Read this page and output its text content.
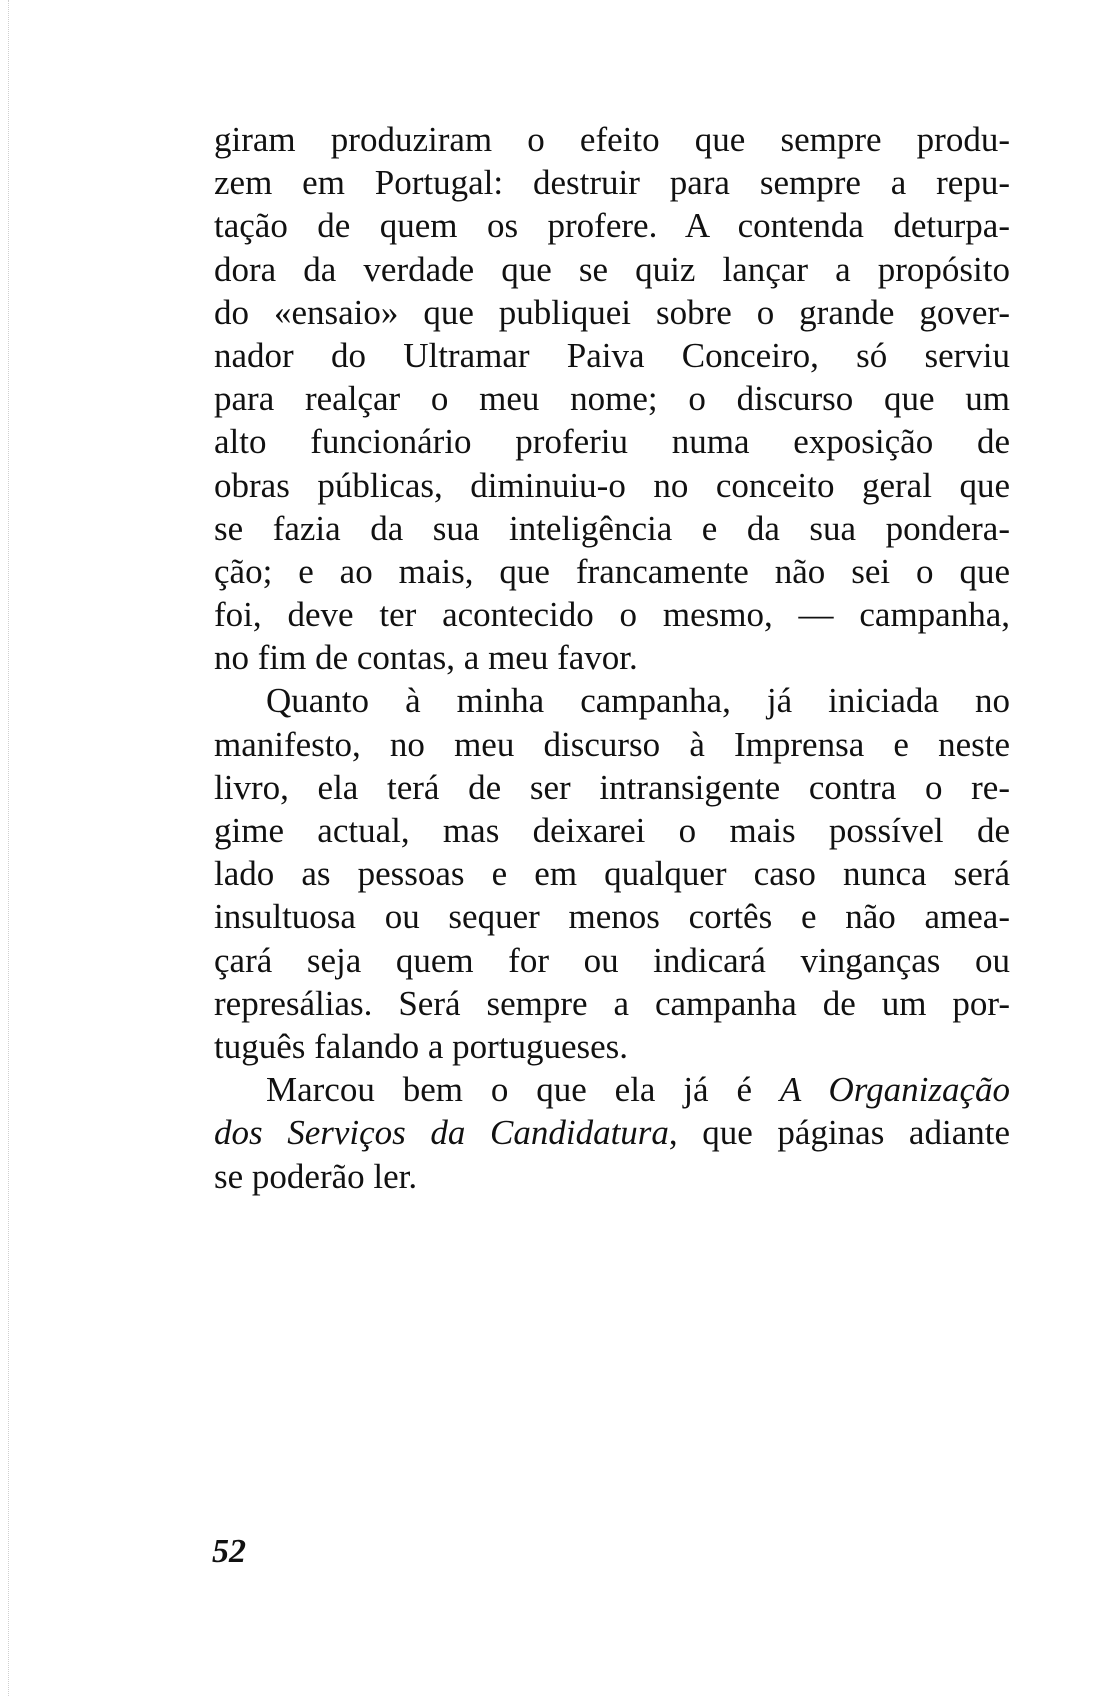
giram produziram o efeito que sempre produ-
zem em Portugal: destruir para sempre a repu-
tação de quem os profere. A contenda deturpa-
dora da verdade que se quiz lançar a propósito
do «ensaio» que publiquei sobre o grande gover-
nador do Ultramar Paiva Conceiro, só serviu
para realçar o meu nome; o discurso que um
alto funcionário proferiu numa exposição de
obras públicas, diminuiu-o no conceito geral que
se fazia da sua inteligência e da sua pondera-
ção; e ao mais, que francamente não sei o que
foi, deve ter acontecido o mesmo, — campanha,
no fim de contas, a meu favor.
Quanto à minha campanha, já iniciada no
manifesto, no meu discurso à Imprensa e neste
livro, ela terá de ser intransigente contra o re-
gime actual, mas deixarei o mais possível de
lado as pessoas e em qualquer caso nunca será
insultuosa ou sequer menos cortês e não amea-
çará seja quem for ou indicará vinganças ou
represálias. Será sempre a campanha de um por-
tuguês falando a portugueses.
Marcou bem o que ela já é A Organização
dos Serviços da Candidatura, que páginas adiante
se poderão ler.
52
